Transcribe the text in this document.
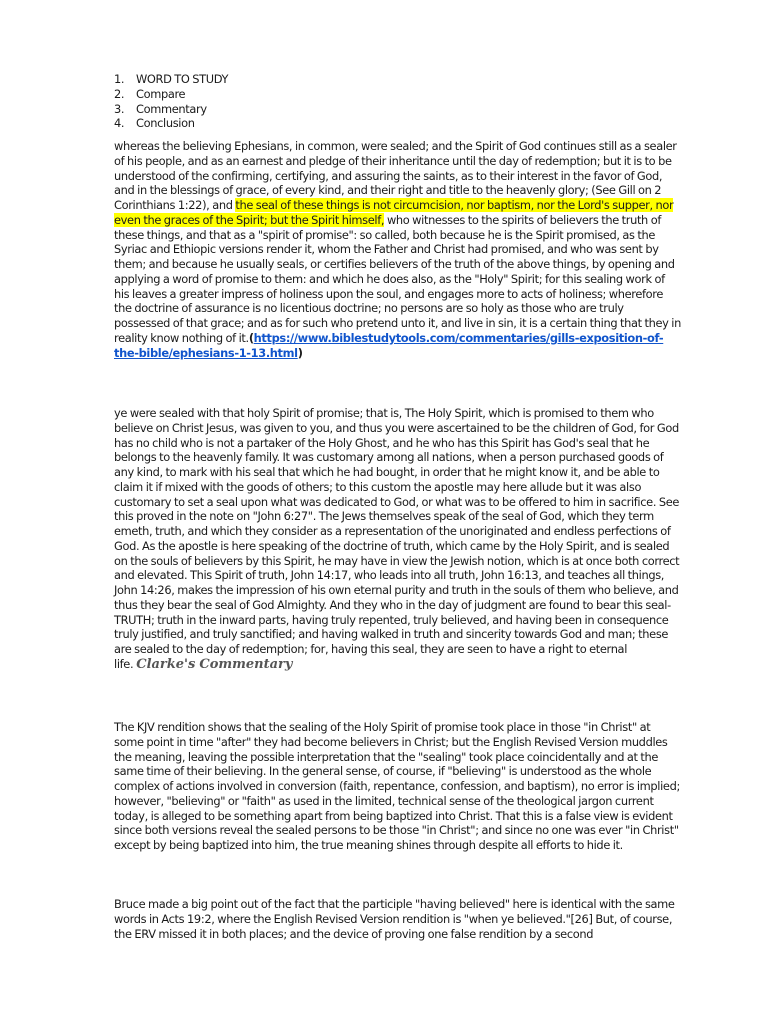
1.	WORD TO STUDY
2.	Compare
3.	Commentary
4.	Conclusion

whereas the believing Ephesians, in common, were sealed; and the Spirit of God continues still as a sealer of his people, and as an earnest and pledge of their inheritance until the day of redemption; but it is to be understood of the confirming, certifying, and assuring the saints, as to their interest in the favor of God, and in the blessings of grace, of every kind, and their right and title to the heavenly glory; (See Gill on 2 Corinthians 1:22), and the seal of these things is not circumcision, nor baptism, nor the Lord's supper, nor even the graces of the Spirit; but the Spirit himself, who witnesses to the spirits of believers the truth of these things, and that as a "spirit of promise": so called, both because he is the Spirit promised, as the Syriac and Ethiopic versions render it, whom the Father and Christ had promised, and who was sent by them; and because he usually seals, or certifies believers of the truth of the above things, by opening and applying a word of promise to them: and which he does also, as the "Holy" Spirit; for this sealing work of his leaves a greater impress of holiness upon the soul, and engages more to acts of holiness; wherefore the doctrine of assurance is no licentious doctrine; no persons are so holy as those who are truly possessed of that grace; and as for such who pretend unto it, and live in sin, it is a certain thing that they in reality know nothing of it.(https://www.biblestudytools.com/commentaries/gills-exposition-of-the-bible/ephesians-1-13.html)

ye were sealed with that holy Spirit of promise; that is, The Holy Spirit, which is promised to them who believe on Christ Jesus, was given to you, and thus you were ascertained to be the children of God, for God has no child who is not a partaker of the Holy Ghost, and he who has this Spirit has God's seal that he belongs to the heavenly family. It was customary among all nations, when a person purchased goods of any kind, to mark with his seal that which he had bought, in order that he might know it, and be able to claim it if mixed with the goods of others; to this custom the apostle may here allude but it was also customary to set a seal upon what was dedicated to God, or what was to be offered to him in sacrifice. See this proved in the note on "John 6:27". The Jews themselves speak of the seal of God, which they term emeth, truth, and which they consider as a representation of the unoriginated and endless perfections of God. As the apostle is here speaking of the doctrine of truth, which came by the Holy Spirit, and is sealed on the souls of believers by this Spirit, he may have in view the Jewish notion, which is at once both correct and elevated. This Spirit of truth, John 14:17, who leads into all truth, John 16:13, and teaches all things, John 14:26, makes the impression of his own eternal purity and truth in the souls of them who believe, and thus they bear the seal of God Almighty. And they who in the day of judgment are found to bear this seal-TRUTH; truth in the inward parts, having truly repented, truly believed, and having been in consequence truly justified, and truly sanctified; and having walked in truth and sincerity towards God and man; these are sealed to the day of redemption; for, having this seal, they are seen to have a right to eternal life. Clarke's Commentary

The KJV rendition shows that the sealing of the Holy Spirit of promise took place in those "in Christ" at some point in time "after" they had become believers in Christ; but the English Revised Version muddles the meaning, leaving the possible interpretation that the "sealing" took place coincidentally and at the same time of their believing. In the general sense, of course, if "believing" is understood as the whole complex of actions involved in conversion (faith, repentance, confession, and baptism), no error is implied; however, "believing" or "faith" as used in the limited, technical sense of the theological jargon current today, is alleged to be something apart from being baptized into Christ. That this is a false view is evident since both versions reveal the sealed persons to be those "in Christ"; and since no one was ever "in Christ" except by being baptized into him, the true meaning shines through despite all efforts to hide it.

Bruce made a big point out of the fact that the participle "having believed" here is identical with the same words in Acts 19:2, where the English Revised Version rendition is "when ye believed."[26] But, of course, the ERV missed it in both places; and the device of proving one false rendition by a second
